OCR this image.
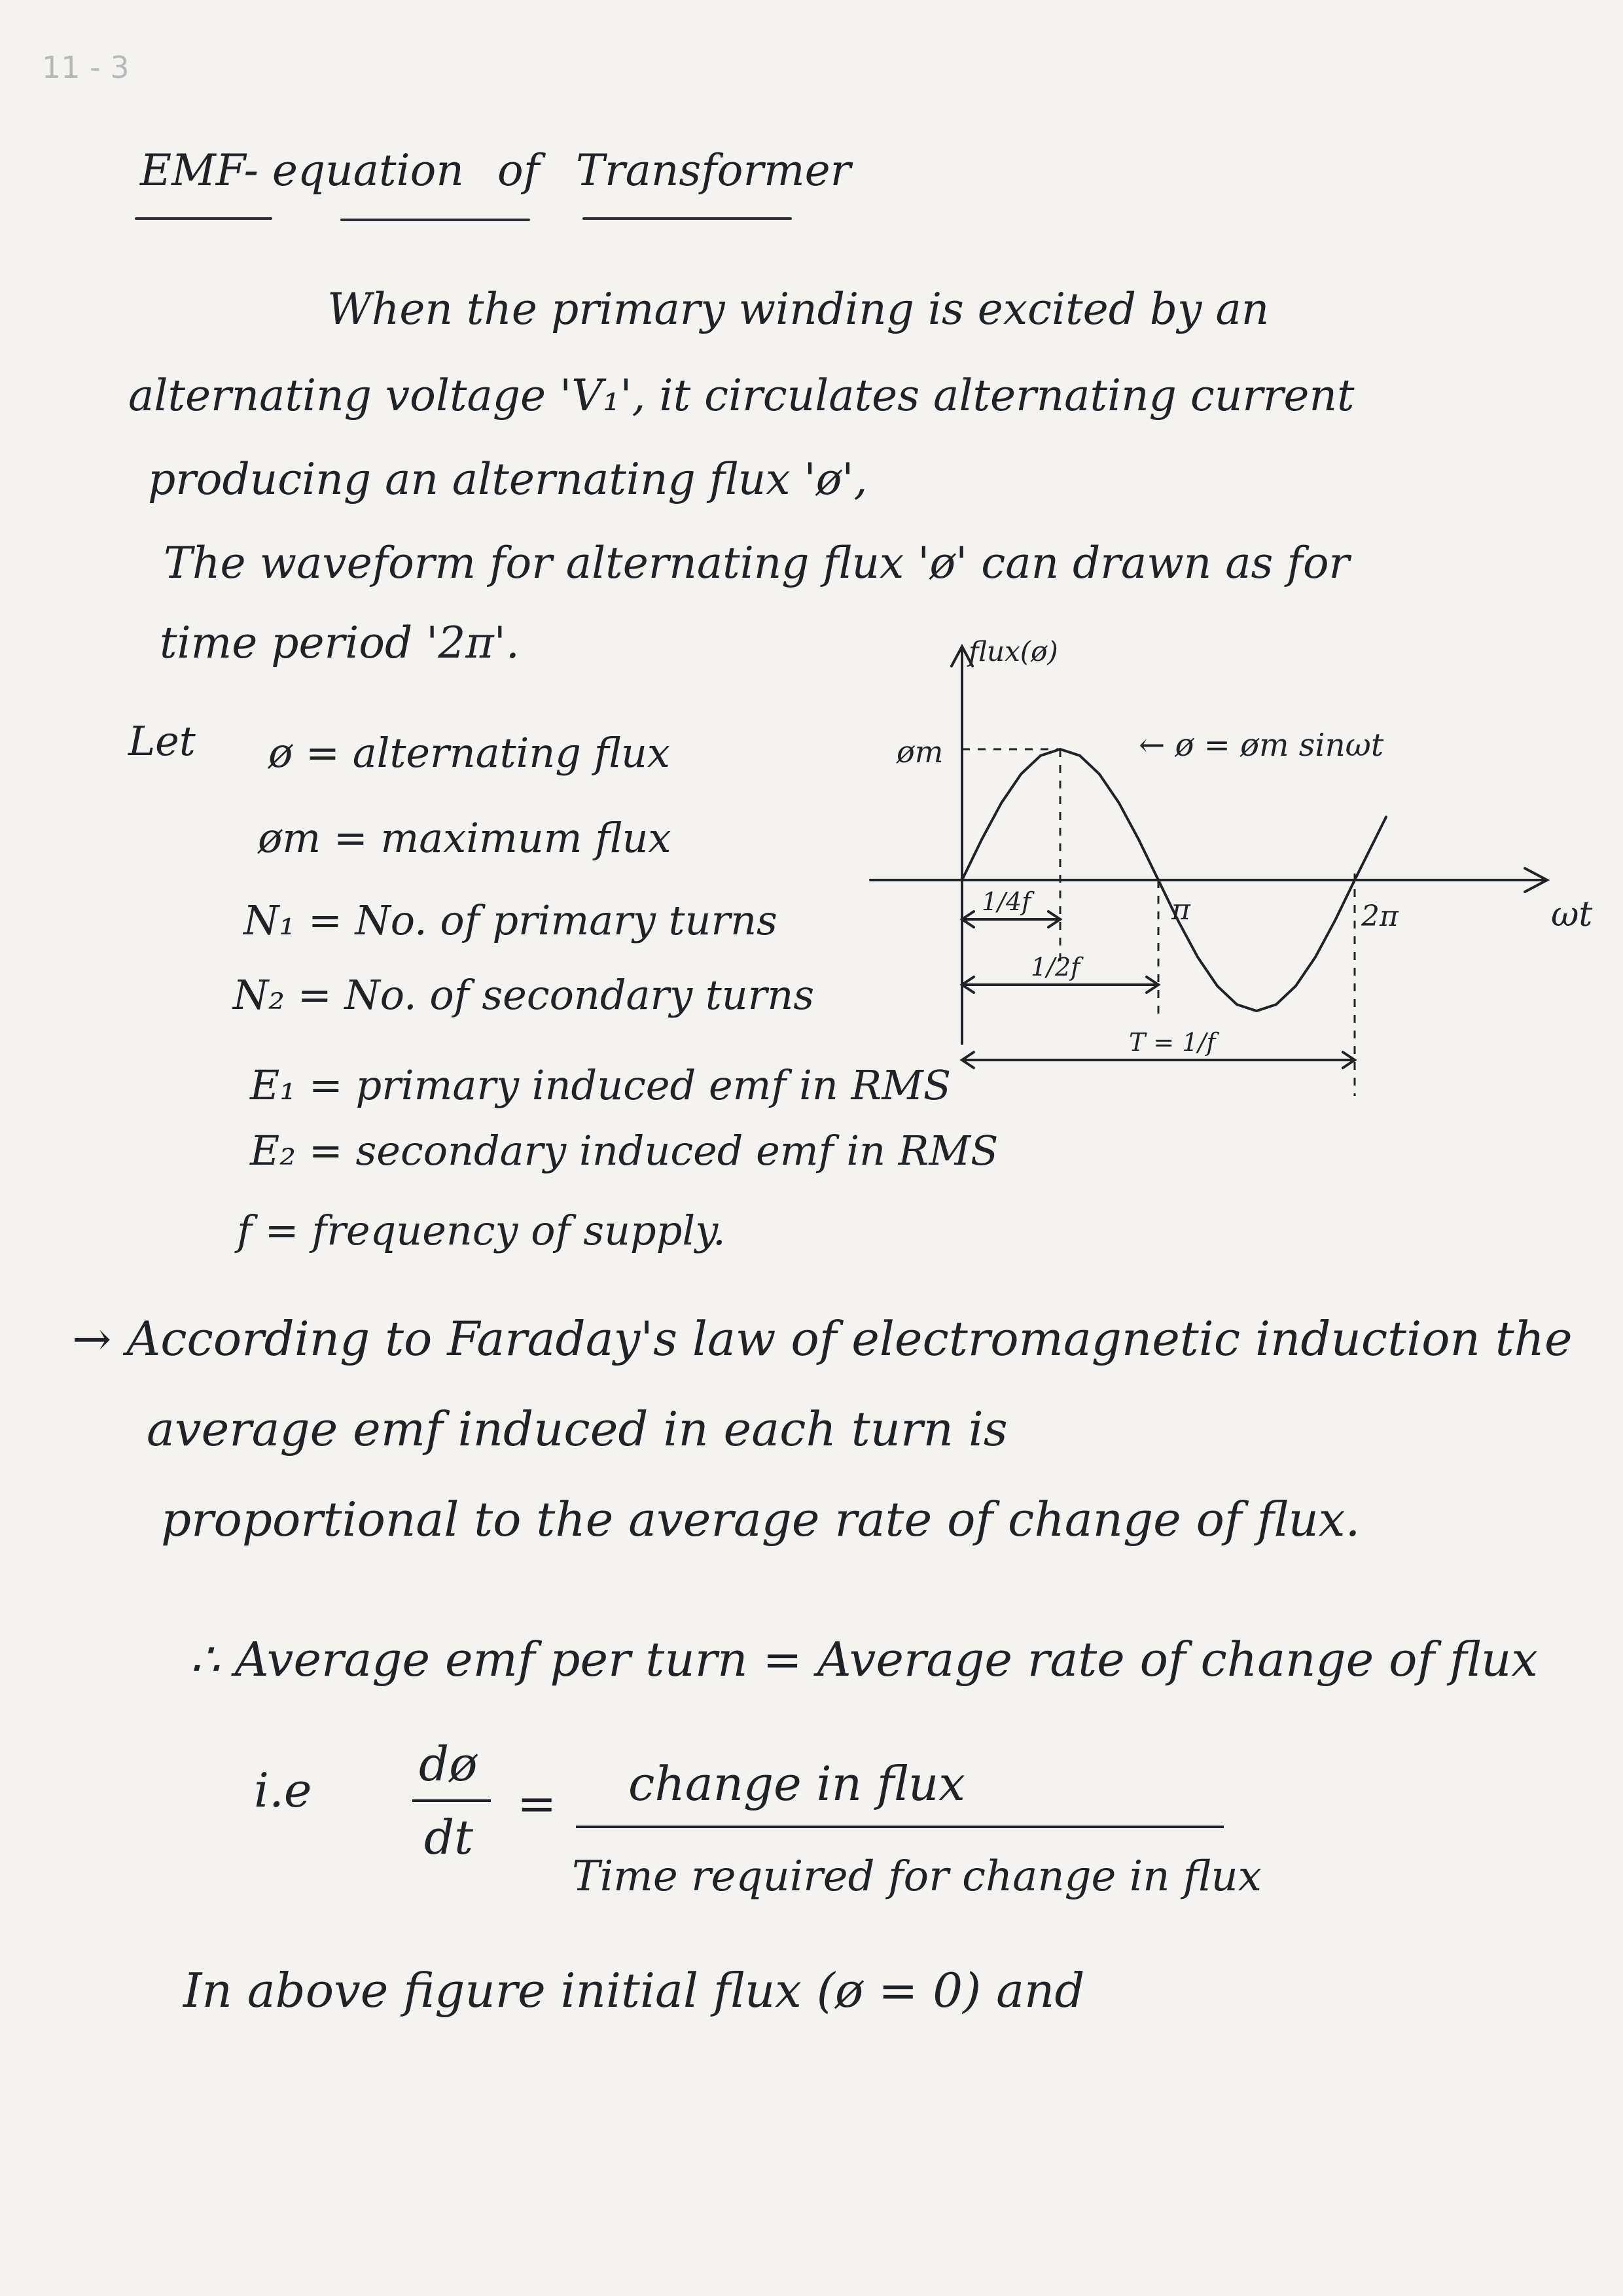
11 - 3
EMF- equation of Transformer
When the primary winding is excited by an
alternating voltage 'V₁', it circulates alternating current
producing an alternating flux 'ø',
The waveform for alternating flux 'ø' can drawn as for
time period '2π'.
Let ø = alternating flux
øm = maximum flux
N₁ = No. of primary turns
N₂ = No. of secondary turns
E₁ = primary induced emf in RMS
E₂ = secondary induced emf in RMS
f = frequency of supply.
flux(ø)
ωt
øm
π	2π
← ø = øm sinωt
1/4f
1/2f
T = 1/f
→ According to Faraday's law of electromagnetic induction the
average emf induced in each turn is
proportional to the average rate of change of flux.
∴ Average emf per turn = Average rate of change of flux
i.e dø
dt
= change in flux
Time required for change in flux
In above figure initial flux (ø = 0) and
